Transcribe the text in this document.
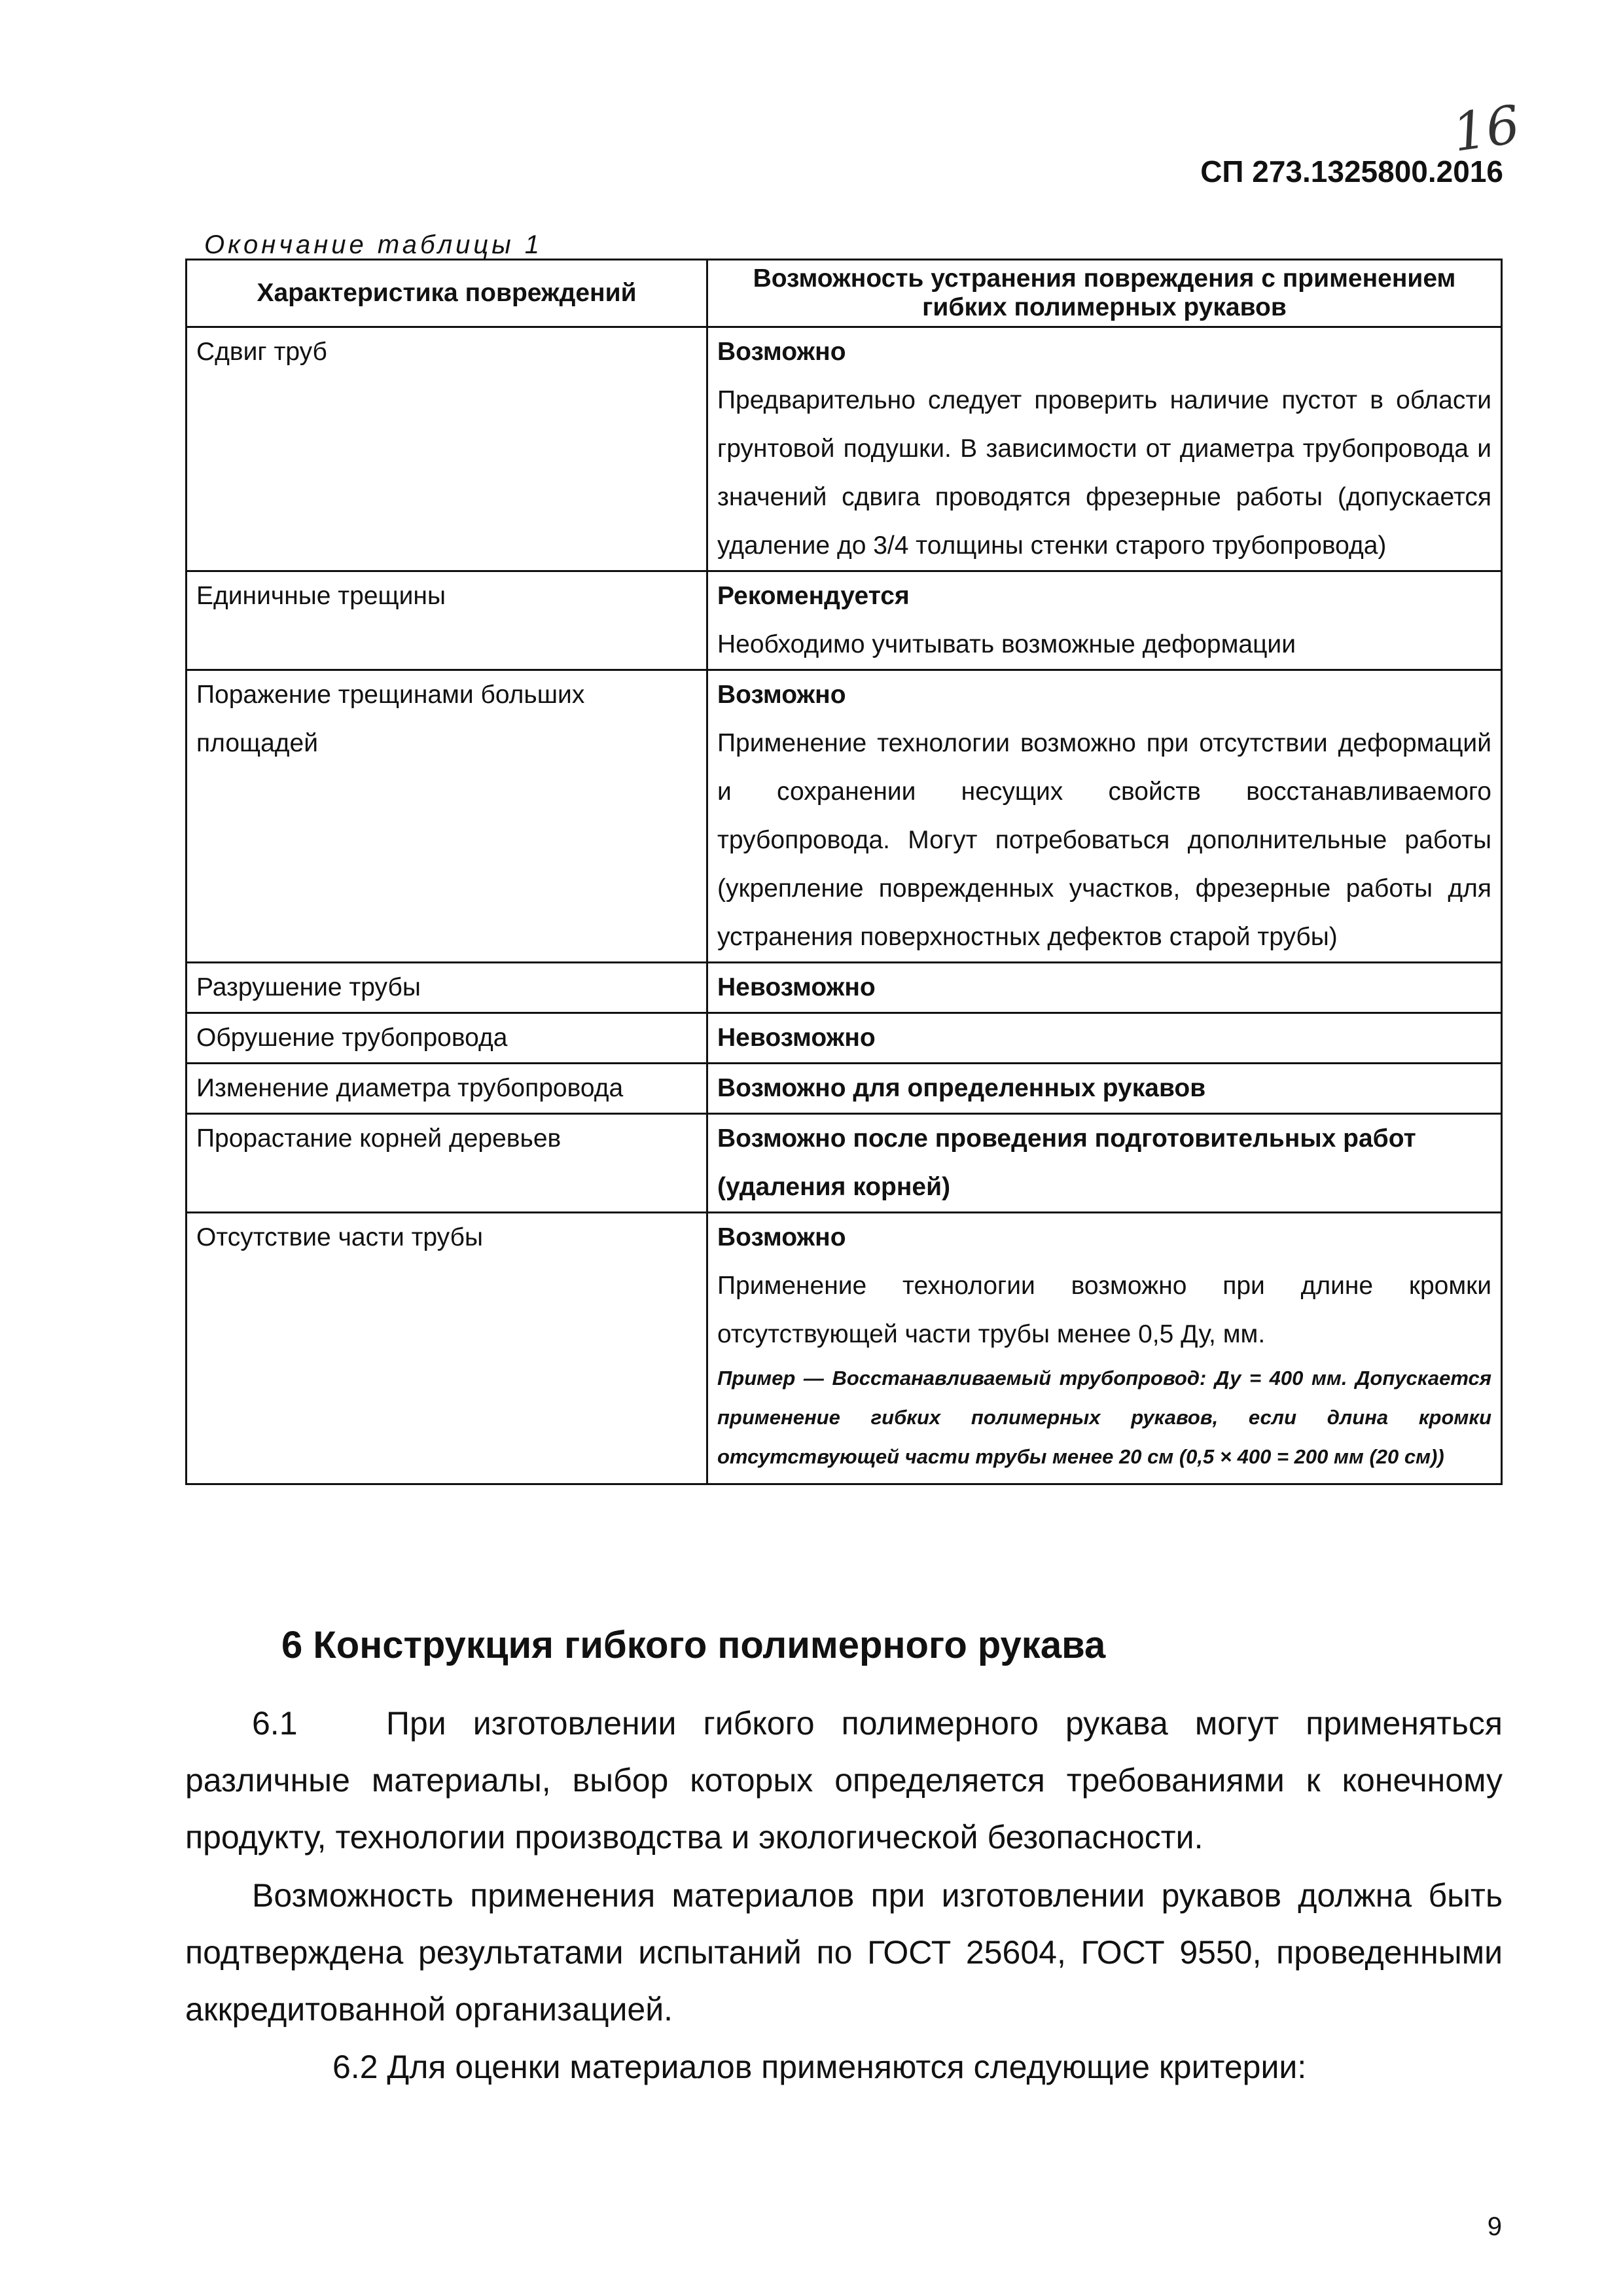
16
СП 273.1325800.2016
Окончание таблицы 1
Характеристика повреждений	Возможность устранения повреждения с применением гибких полимерных рукавов
Сдвиг труб	Возможно
Предварительно следует проверить наличие пустот в области грунтовой подушки. В зависимости от диаметра трубопровода и значений сдвига проводятся фрезерные работы (допускается удаление до 3/4 толщины стенки старого трубопровода)

Единичные трещины	Рекомендуется
Необходимо учитывать возможные деформации

Поражение трещинами больших площадей	Возможно
Применение технологии возможно при отсутствии деформаций и сохранении несущих свойств восстанавливаемого трубопровода. Могут потребоваться дополнительные работы (укрепление поврежденных участков, фрезерные работы для устранения поверхностных дефектов старой трубы)

Разрушение трубы	Невозможно

Обрушение трубопровода	Невозможно

Изменение диаметра трубопровода	Возможно для определенных рукавов

Прорастание корней деревьев	Возможно после проведения подготовительных работ (удаления корней)

Отсутствие части трубы	Возможно
Применение технологии возможно при длине кромки отсутствующей части трубы менее 0,5 Ду, мм.
Пример — Восстанавливаемый трубопровод: Ду = 400 мм. Допускается применение гибких полимерных рукавов, если длина кромки отсутствующей части трубы менее 20 см (0,5 × 400 = 200 мм (20 см))
6 Конструкция гибкого полимерного рукава

6.1	При изготовлении гибкого полимерного рукава могут применяться различные материалы, выбор которых определяется требованиями к конечному продукту, технологии производства и экологической безопасности.

Возможность применения материалов при изготовлении рукавов должна быть подтверждена результатами испытаний по ГОСТ 25604, ГОСТ 9550, проведенными аккредитованной организацией.

6.2 Для оценки материалов применяются следующие критерии:

9
